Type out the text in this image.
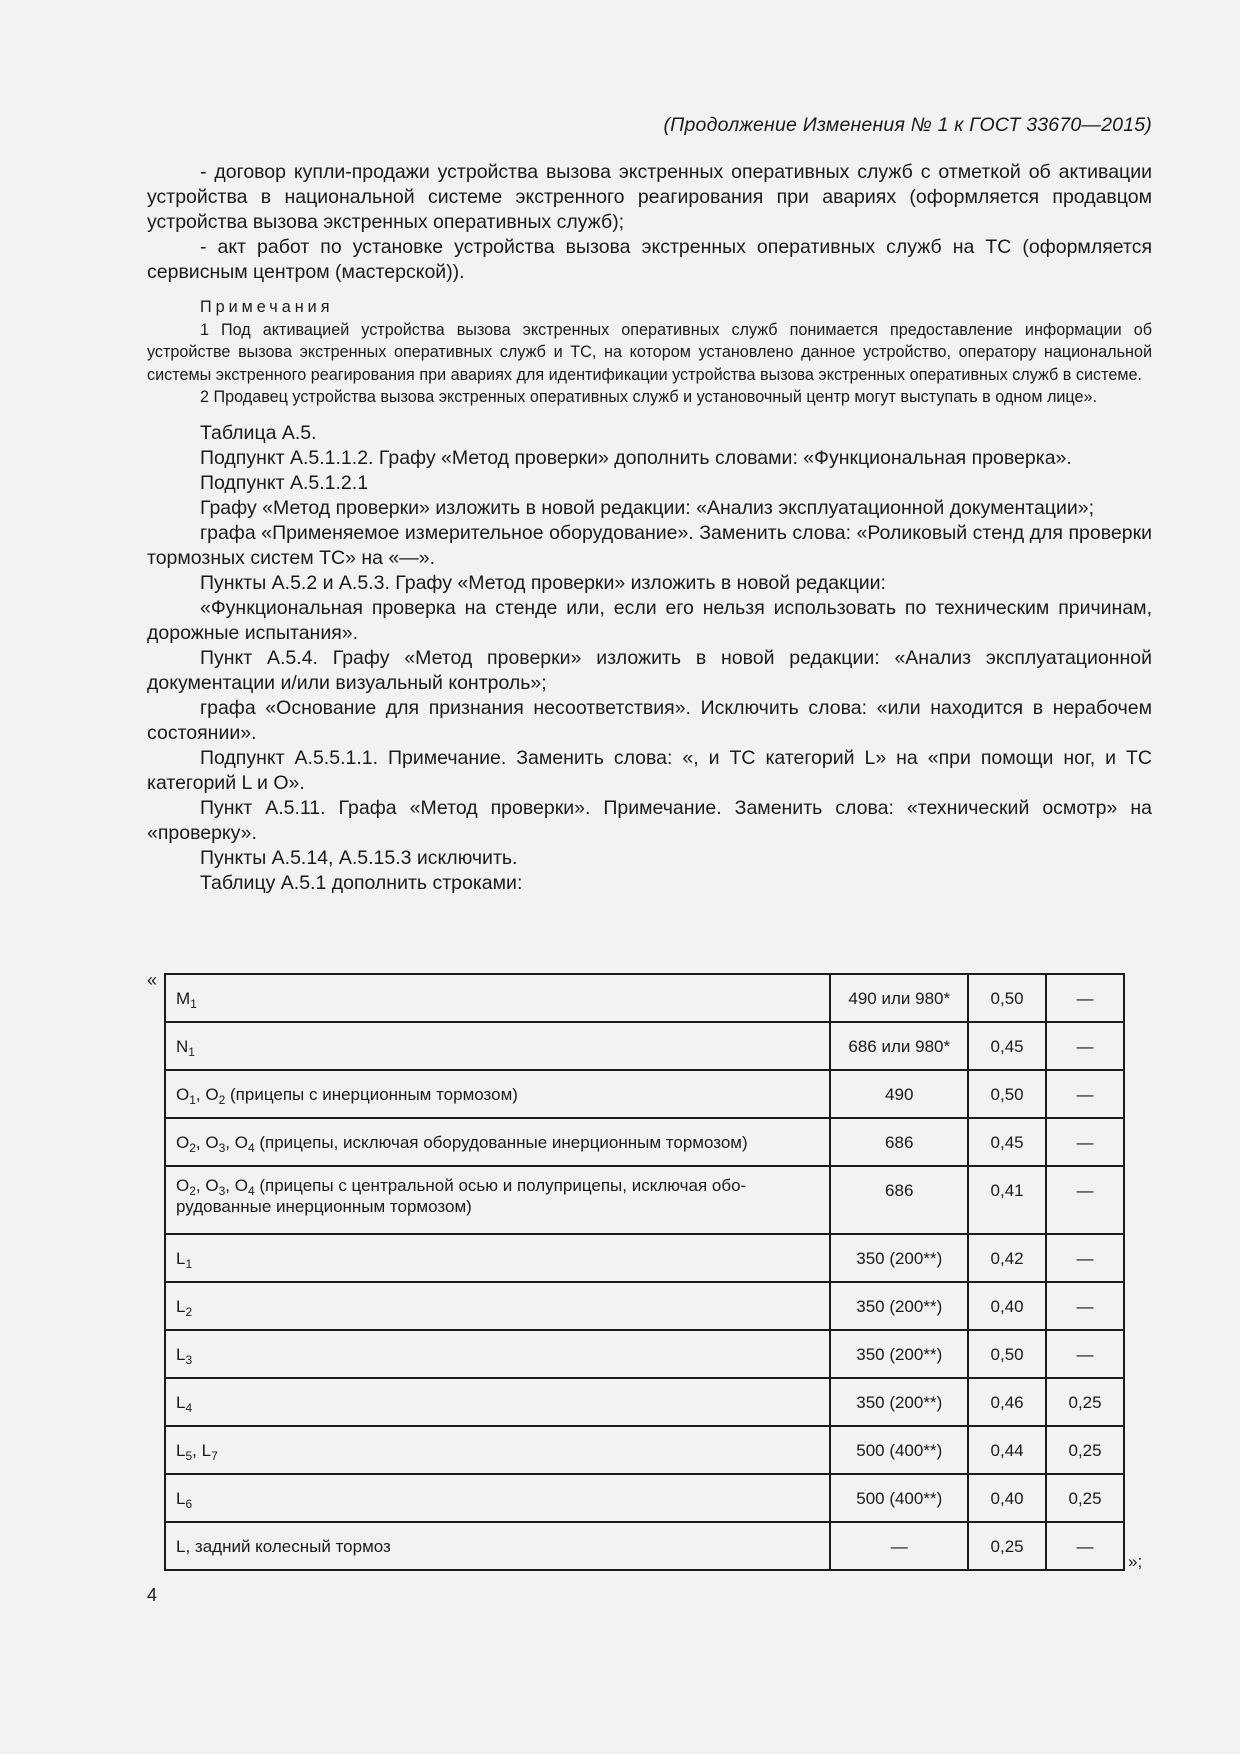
(Продолжение Изменения № 1 к ГОСТ 33670—2015)

- договор купли-продажи устройства вызова экстренных оперативных служб с отметкой об активации устройства в национальной системе экстренного реагирования при авариях (оформляется продавцом устройства вызова экстренных оперативных служб);

- акт работ по установке устройства вызова экстренных оперативных служб на ТС (оформляется сервисным центром (мастерской)).

Примечания

1 Под активацией устройства вызова экстренных оперативных служб понимается предоставление информации об устройстве вызова экстренных оперативных служб и ТС, на котором установлено данное устройство, оператору национальной системы экстренного реагирования при авариях для идентификации устройства вызова экстренных оперативных служб в системе.

2 Продавец устройства вызова экстренных оперативных служб и установочный центр могут выступать в одном лице».

Таблица А.5.

Подпункт А.5.1.1.2. Графу «Метод проверки» дополнить словами: «Функциональная проверка».

Подпункт А.5.1.2.1

Графу «Метод проверки» изложить в новой редакции: «Анализ эксплуатационной документации»;

графа «Применяемое измерительное оборудование». Заменить слова: «Роликовый стенд для проверки тормозных систем ТС» на «—».

Пункты А.5.2 и А.5.3. Графу «Метод проверки» изложить в новой редакции:

«Функциональная проверка на стенде или, если его нельзя использовать по техническим причинам, дорожные испытания».

Пункт А.5.4. Графу «Метод проверки» изложить в новой редакции: «Анализ эксплуатационной документации и/или визуальный контроль»;

графа «Основание для признания несоответствия». Исключить слова: «или находится в нерабочем состоянии».

Подпункт А.5.5.1.1. Примечание. Заменить слова: «, и ТС категорий L» на «при помощи ног, и ТС категорий L и O».

Пункт А.5.11. Графа «Метод проверки». Примечание. Заменить слова: «технический осмотр» на «проверку».

Пункты А.5.14, А.5.15.3 исключить.

Таблицу А.5.1 дополнить строками:

«
$M_1$	490 или 980*	0,50	—
$N_1$	686 или 980*	0,45	—
$O_1$, $O_2$ (прицепы с инерционным тормозом)	490	0,50	—
$O_2$, $O_3$, $O_4$ (прицепы, исключая оборудованные инерционным тормозом)	686	0,45	—
$O_2$, $O_3$, $O_4$ (прицепы с центральной осью и полуприцепы, исключая обо-
рудованные инерционным тормозом)	686	0,41	—
$L_1$	350 (200**)	0,42	—
$L_2$	350 (200**)	0,40	—
$L_3$	350 (200**)	0,50	—
$L_4$	350 (200**)	0,46	0,25
$L_5$, $L_7$	500 (400**)	0,44	0,25
$L_6$	500 (400**)	0,40	0,25
L, задний колесный тормоз	—	0,25	—
»;
4
